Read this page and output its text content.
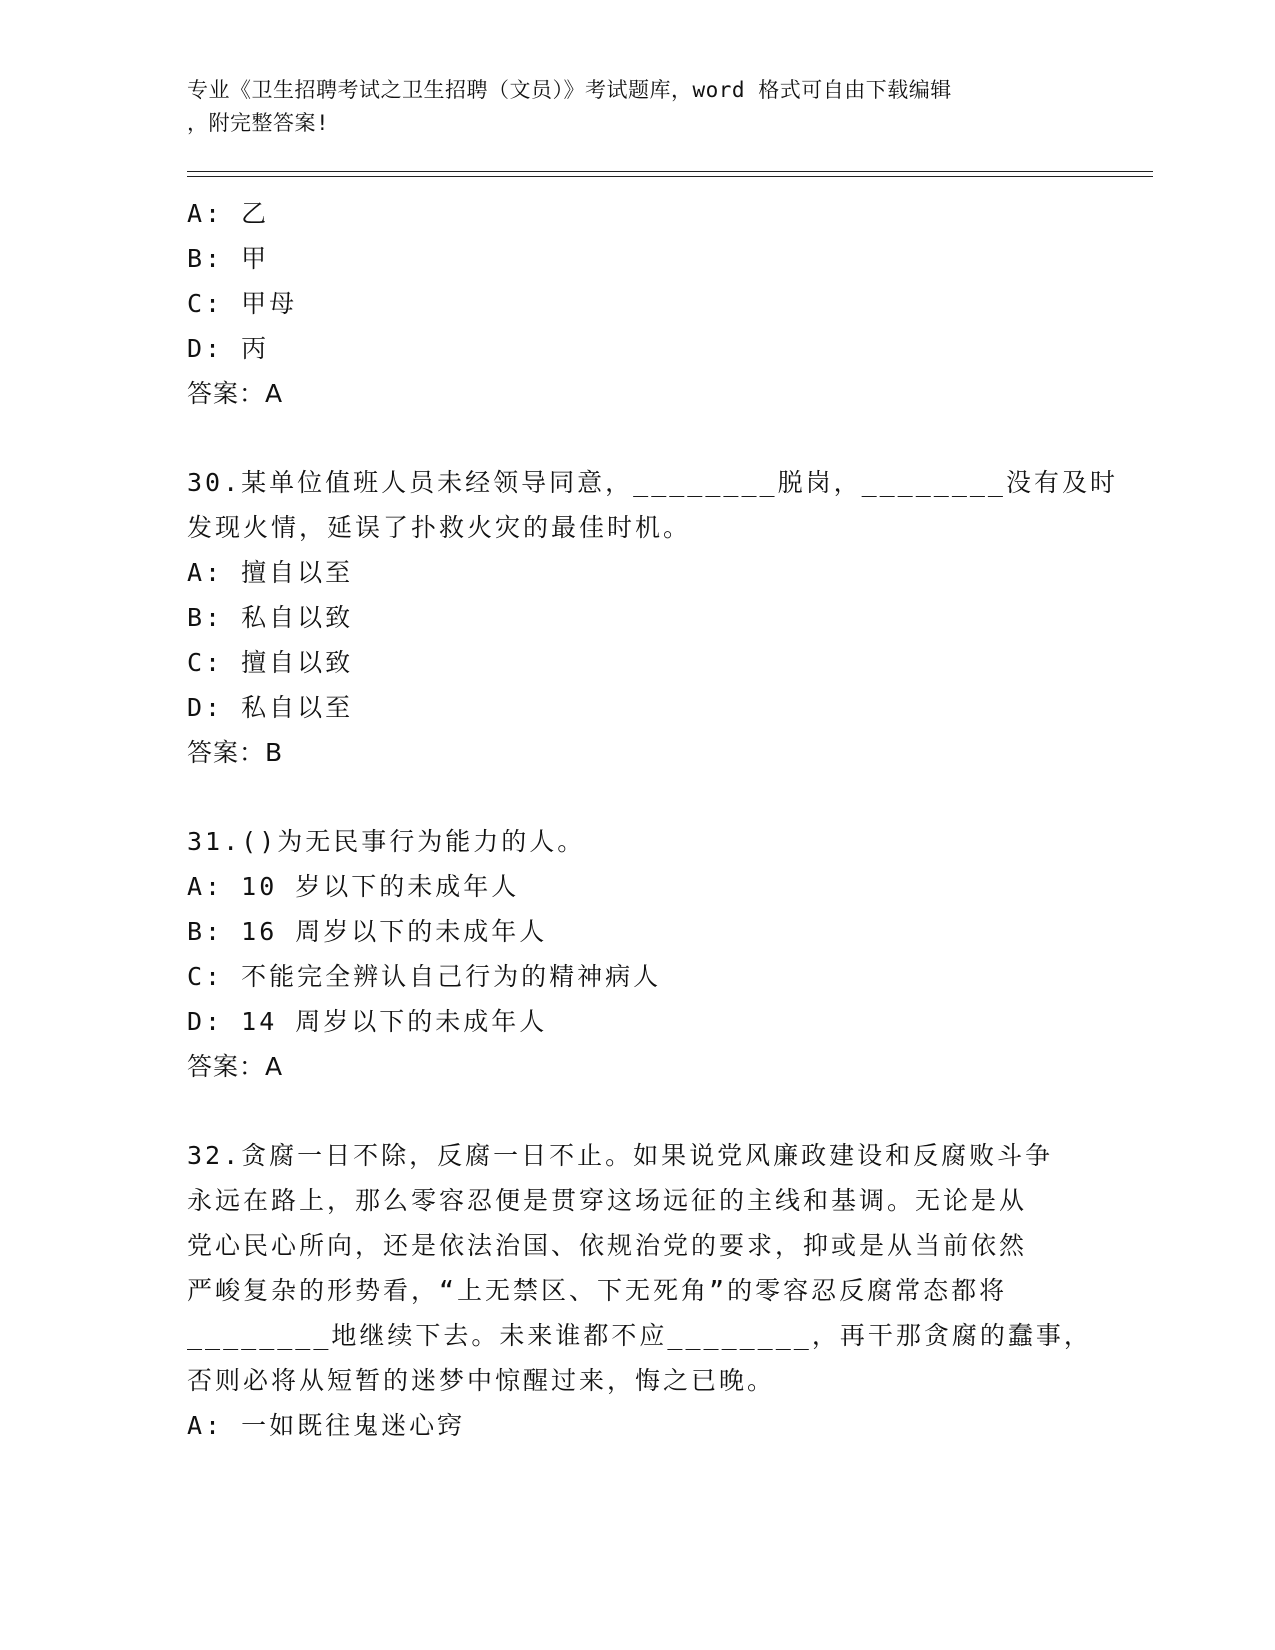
专业《卫生招聘考试之卫生招聘（文员）》考试题库，word 格式可自由下载编辑
，附完整答案!
A: 乙
B: 甲
C: 甲母
D: 丙
答案：A
30.某单位值班人员未经领导同意，________脱岗，________没有及时
发现火情，延误了扑救火灾的最佳时机。
A: 擅自以至
B: 私自以致
C: 擅自以致
D: 私自以至
答案：B
31.()为无民事行为能力的人。
A: 10 岁以下的未成年人
B: 16 周岁以下的未成年人
C: 不能完全辨认自己行为的精神病人
D: 14 周岁以下的未成年人
答案：A
32.贪腐一日不除，反腐一日不止。如果说党风廉政建设和反腐败斗争
永远在路上，那么零容忍便是贯穿这场远征的主线和基调。无论是从
党心民心所向，还是依法治国、依规治党的要求，抑或是从当前依然
严峻复杂的形势看，“上无禁区、下无死角”的零容忍反腐常态都将
________地继续下去。未来谁都不应________，再干那贪腐的蠢事，
否则必将从短暂的迷梦中惊醒过来，悔之已晚。
A: 一如既往鬼迷心窍
